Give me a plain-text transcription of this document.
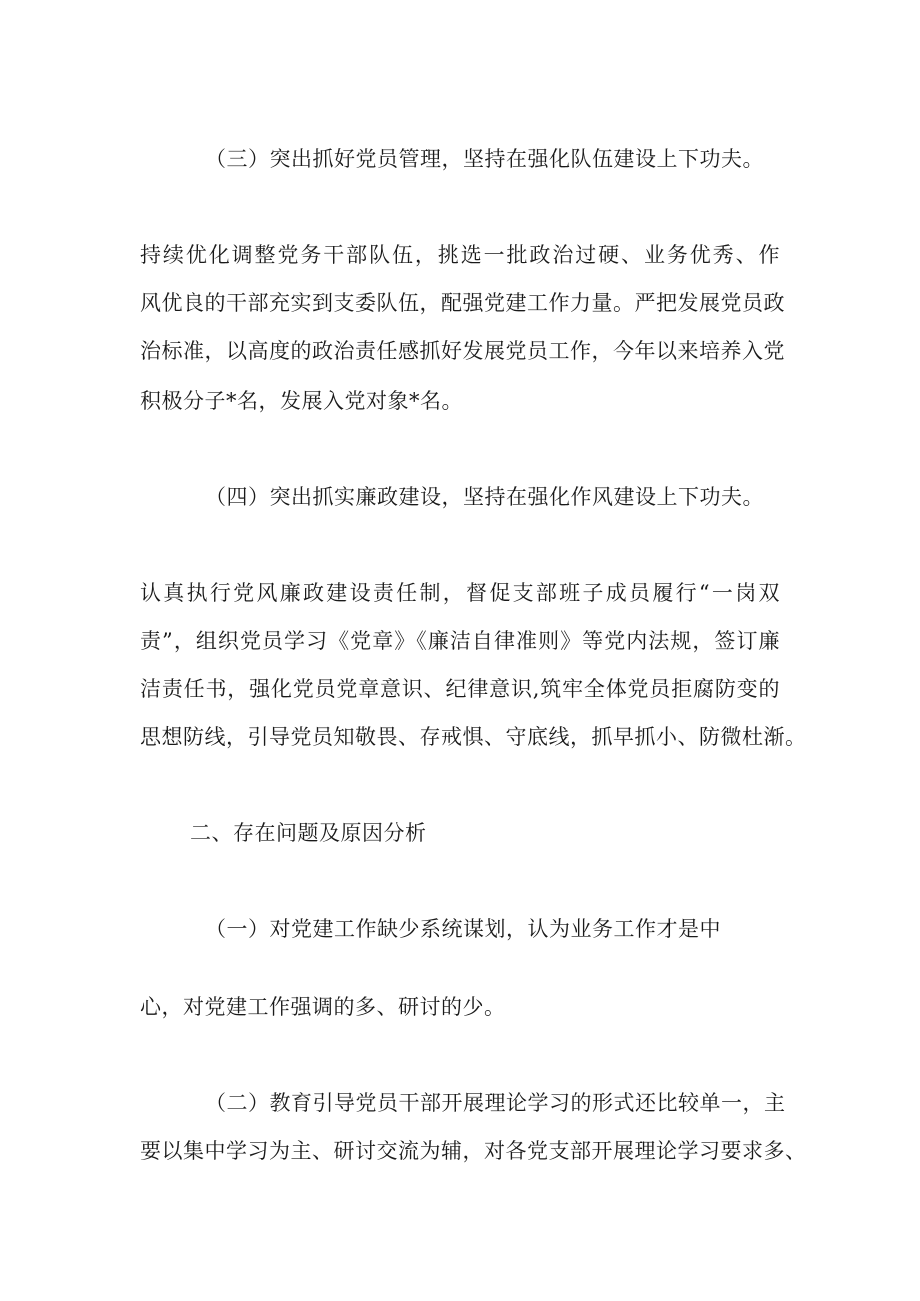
（三）突出抓好党员管理，坚持在强化队伍建设上下功夫。
持续优化调整党务干部队伍，挑选一批政治过硬、业务优秀、作
风优良的干部充实到支委队伍，配强党建工作力量。严把发展党员政
治标准，以高度的政治责任感抓好发展党员工作，今年以来培养入党
积极分子*名，发展入党对象*名。
（四）突出抓实廉政建设，坚持在强化作风建设上下功夫。
认真执行党风廉政建设责任制，督促支部班子成员履行“一岗双
责”，组织党员学习《党章》《廉洁自律准则》等党内法规，签订廉
洁责任书，强化党员党章意识、纪律意识,筑牢全体党员拒腐防变的
思想防线，引导党员知敬畏、存戒惧、守底线，抓早抓小、防微杜渐。
二、存在问题及原因分析
（一）对党建工作缺少系统谋划，认为业务工作才是中
心，对党建工作强调的多、研讨的少。
（二）教育引导党员干部开展理论学习的形式还比较单一，主
要以集中学习为主、研讨交流为辅，对各党支部开展理论学习要求多、
